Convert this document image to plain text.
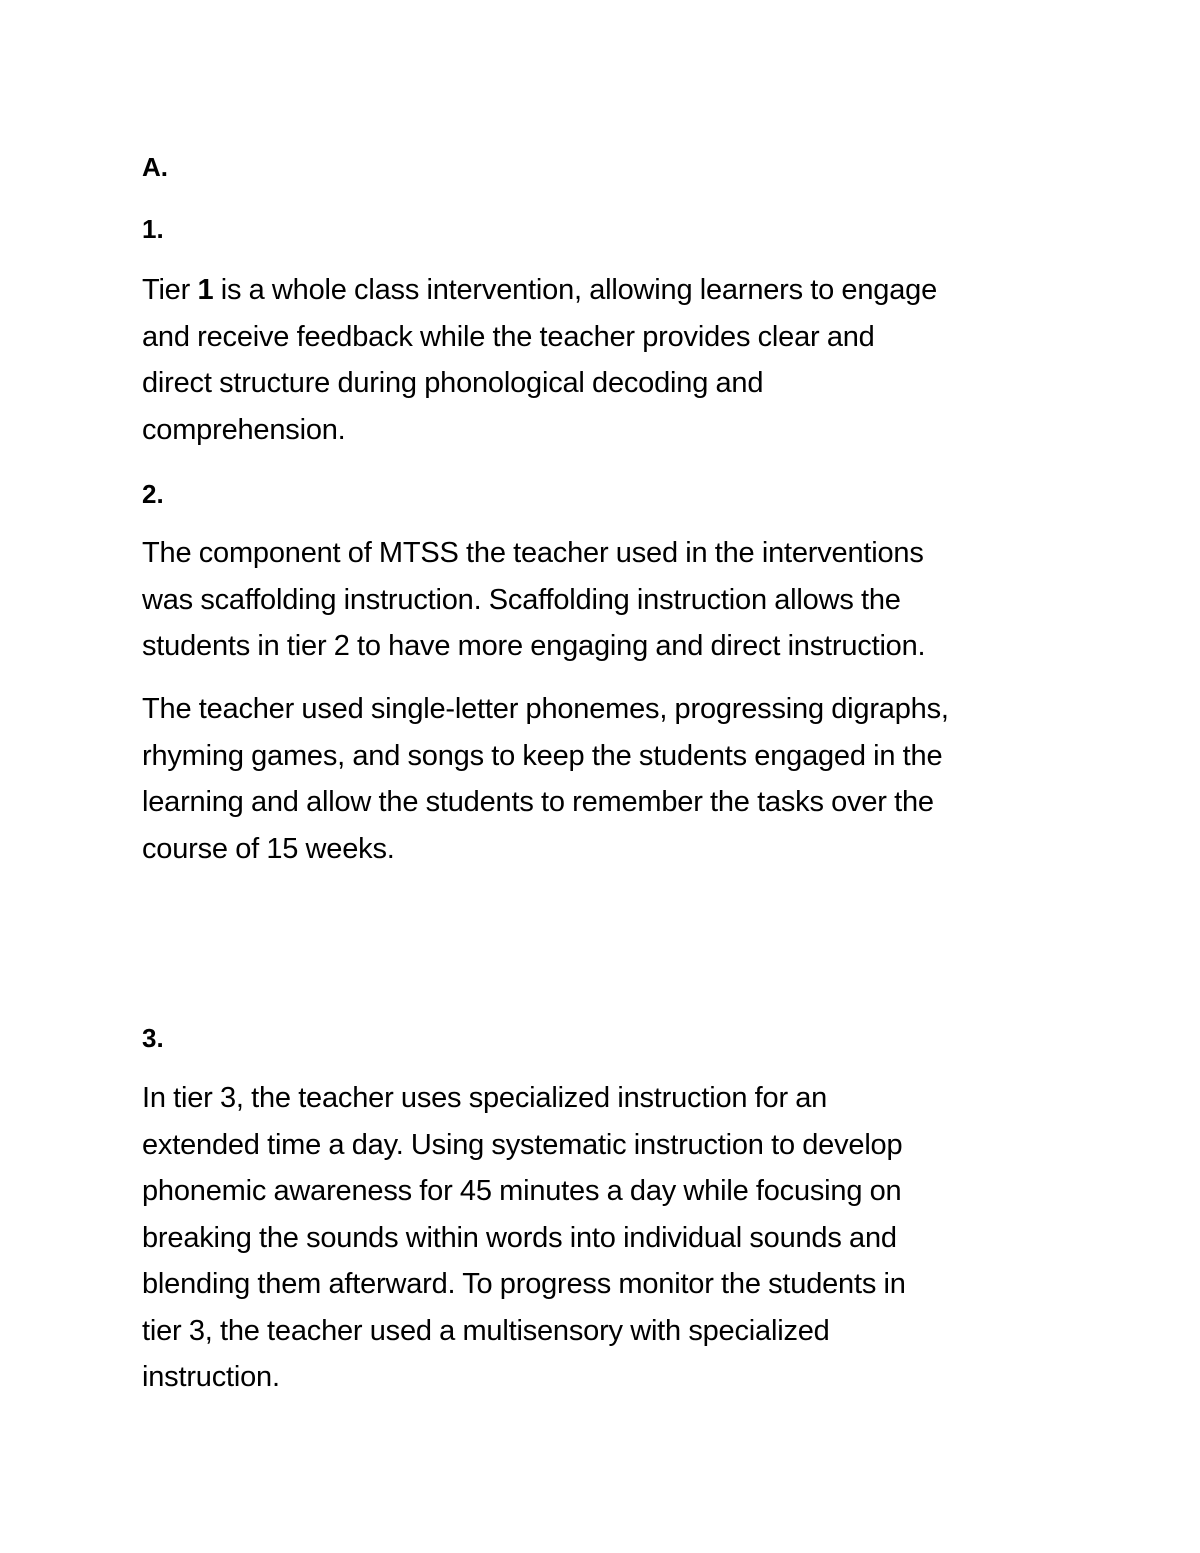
A.
1.
Tier 1 is a whole class intervention, allowing learners to engage
and receive feedback while the teacher provides clear and
direct structure during phonological decoding and
comprehension.
2.
The component of MTSS the teacher used in the interventions
was scaffolding instruction. Scaffolding instruction allows the
students in tier 2 to have more engaging and direct instruction.
The teacher used single-letter phonemes, progressing digraphs,
rhyming games, and songs to keep the students engaged in the
learning and allow the students to remember the tasks over the
course of 15 weeks.
3.
In tier 3, the teacher uses specialized instruction for an
extended time a day. Using systematic instruction to develop
phonemic awareness for 45 minutes a day while focusing on
breaking the sounds within words into individual sounds and
blending them afterward. To progress monitor the students in
tier 3, the teacher used a multisensory with specialized
instruction.
